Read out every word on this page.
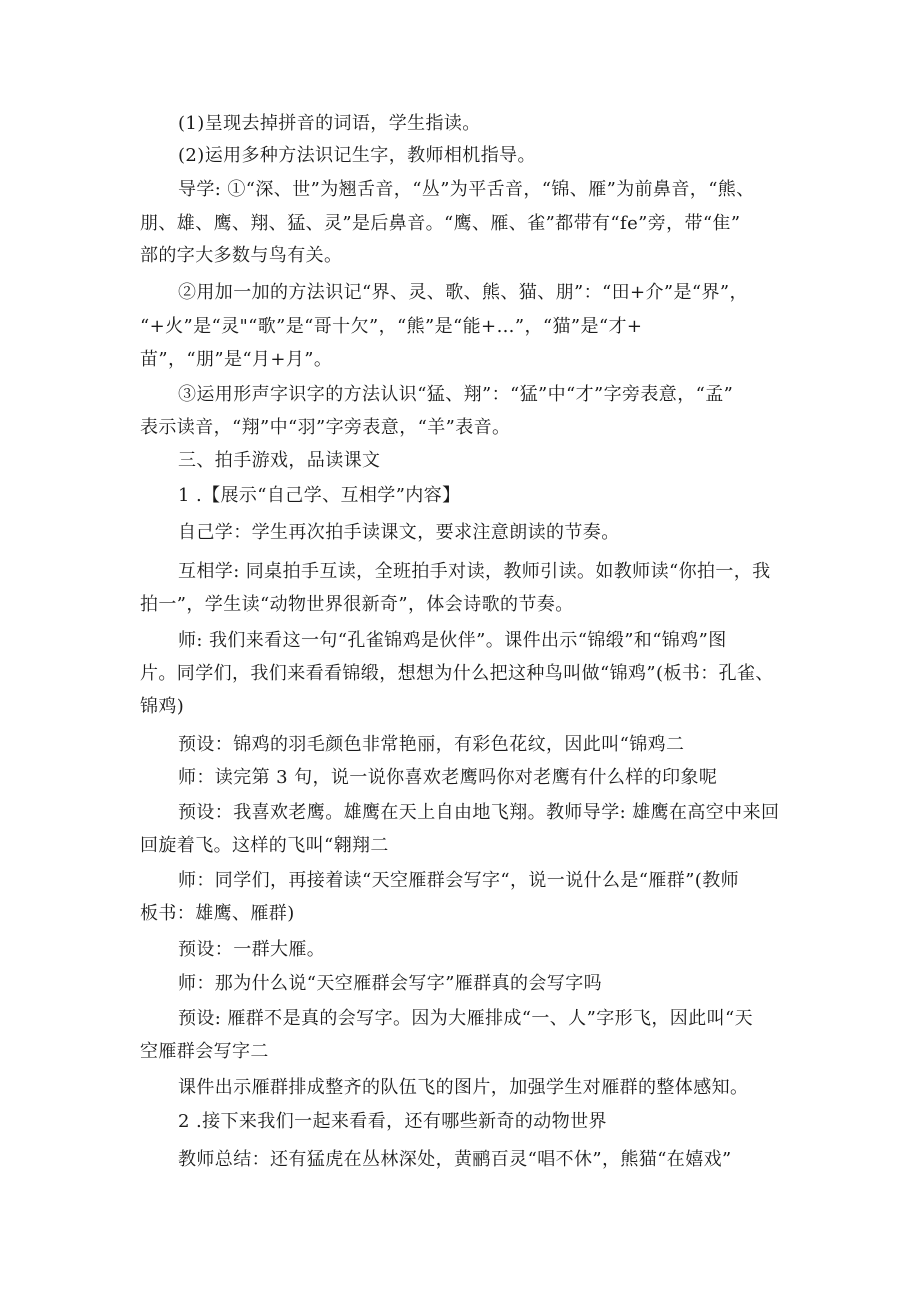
(1)呈现去掉拼音的词语，学生指读。
(2)运用多种方法识记生字，教师相机指导。
导学: ①“深、世”为翘舌音，“丛”为平舌音，“锦、雁”为前鼻音，“熊、
朋、雄、鹰、翔、猛、灵”是后鼻音。“鹰、雁、雀”都带有“fe”旁，带“隹”
部的字大多数与鸟有关。
②用加一加的方法识记“界、灵、歌、熊、猫、朋”：“田+介”是“界”，
“+火”是“灵"“歌”是“哥十欠”，“熊”是“能+…”，“猫”是“才+
苗”，“朋”是“月+月”。
③运用形声字识字的方法认识“猛、翔”：“猛”中“才”字旁表意，“孟”
表示读音，“翔”中“羽”字旁表意，“羊”表音。
三、拍手游戏，品读课文
1 .【展示“自己学、互相学”内容】
自己学：学生再次拍手读课文，要求注意朗读的节奏。
互相学: 同桌拍手互读，全班拍手对读，教师引读。如教师读“你拍一，我
拍一”，学生读“动物世界很新奇”，体会诗歌的节奏。
师: 我们来看这一句“孔雀锦鸡是伙伴”。课件出示“锦缎”和“锦鸡”图
片。同学们，我们来看看锦缎，想想为什么把这种鸟叫做“锦鸡”(板书：孔雀、
锦鸡)
预设：锦鸡的羽毛颜色非常艳丽，有彩色花纹，因此叫“锦鸡二
师：读完第 3 句，说一说你喜欢老鹰吗你对老鹰有什么样的印象呢
预设：我喜欢老鹰。雄鹰在天上自由地飞翔。教师导学: 雄鹰在高空中来回
回旋着飞。这样的飞叫“翱翔二
师：同学们，再接着读“天空雁群会写字“，说一说什么是“雁群”(教师
板书：雄鹰、雁群)
预设：一群大雁。
师：那为什么说“天空雁群会写字”雁群真的会写字吗
预设: 雁群不是真的会写字。因为大雁排成“一、人”字形飞，因此叫“天
空雁群会写字二
课件出示雁群排成整齐的队伍飞的图片，加强学生对雁群的整体感知。
2 .接下来我们一起来看看，还有哪些新奇的动物世界
教师总结：还有猛虎在丛林深处，黄鹂百灵“唱不休”，熊猫“在嬉戏”
